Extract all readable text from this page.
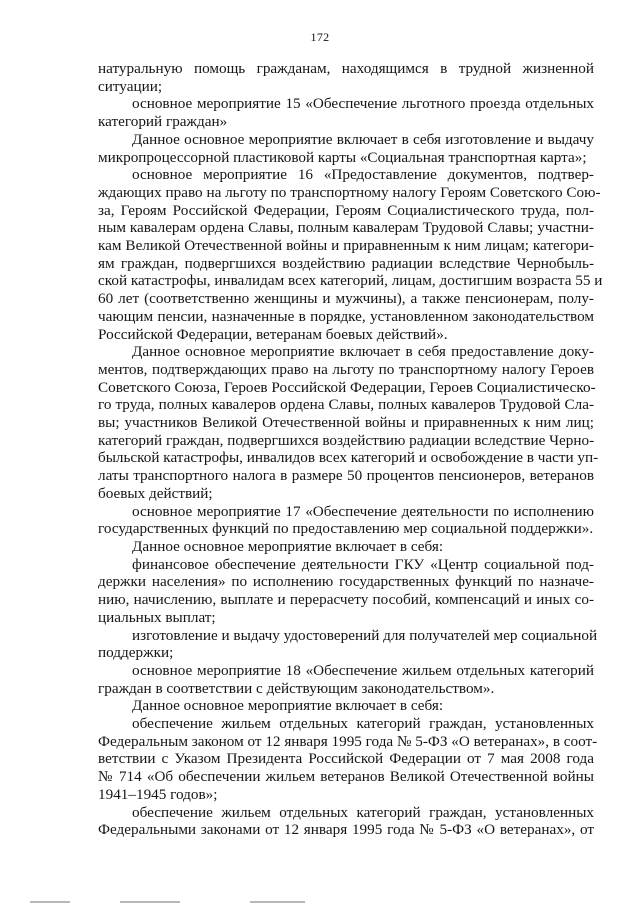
172
натуральную помощь гражданам, находящимся в трудной жизненной
ситуации;
основное мероприятие 15 «Обеспечение льготного проезда отдельных
категорий граждан»
Данное основное мероприятие включает в себя изготовление и выдачу
микропроцессорной пластиковой карты «Социальная транспортная карта»;
основное мероприятие 16 «Предоставление документов, подтвер-
ждающих право на льготу по транспортному налогу Героям Советского Сою-
за, Героям Российской Федерации, Героям Социалистического труда, пол-
ным кавалерам ордена Славы, полным кавалерам Трудовой Славы; участни-
кам Великой Отечественной войны и приравненным к ним лицам; категори-
ям граждан, подвергшихся воздействию радиации вследствие Чернобыль-
ской катастрофы, инвалидам всех категорий, лицам, достигшим возраста 55 и
60 лет (соответственно женщины и мужчины), а также пенсионерам, полу-
чающим пенсии, назначенные в порядке, установленном законодательством
Российской Федерации, ветеранам боевых действий».
Данное основное мероприятие включает в себя предоставление доку-
ментов, подтверждающих право на льготу по транспортному налогу Героев
Советского Союза, Героев Российской Федерации, Героев Социалистическо-
го труда, полных кавалеров ордена Славы, полных кавалеров Трудовой Сла-
вы; участников Великой Отечественной войны и приравненных к ним лиц;
категорий граждан, подвергшихся воздействию радиации вследствие Черно-
быльской катастрофы, инвалидов всех категорий и освобождение в части уп-
латы транспортного налога в размере 50 процентов пенсионеров, ветеранов
боевых действий;
основное мероприятие 17 «Обеспечение деятельности по исполнению
государственных функций по предоставлению мер социальной поддержки».
Данное основное мероприятие включает в себя:
финансовое обеспечение деятельности ГКУ «Центр социальной под-
держки населения» по исполнению государственных функций по назначе-
нию, начислению, выплате и перерасчету пособий, компенсаций и иных со-
циальных выплат;
изготовление и выдачу удостоверений для получателей мер социальной
поддержки;
основное мероприятие 18 «Обеспечение жильем отдельных категорий
граждан в соответствии с действующим законодательством».
Данное основное мероприятие включает в себя:
обеспечение жильем отдельных категорий граждан, установленных
Федеральным законом от 12 января 1995 года № 5-ФЗ «О ветеранах», в соот-
ветствии с Указом Президента Российской Федерации от 7 мая 2008 года
№ 714 «Об обеспечении жильем ветеранов Великой Отечественной войны
1941–1945 годов»;
обеспечение жильем отдельных категорий граждан, установленных
Федеральными законами от 12 января 1995 года № 5-ФЗ «О ветеранах», от
